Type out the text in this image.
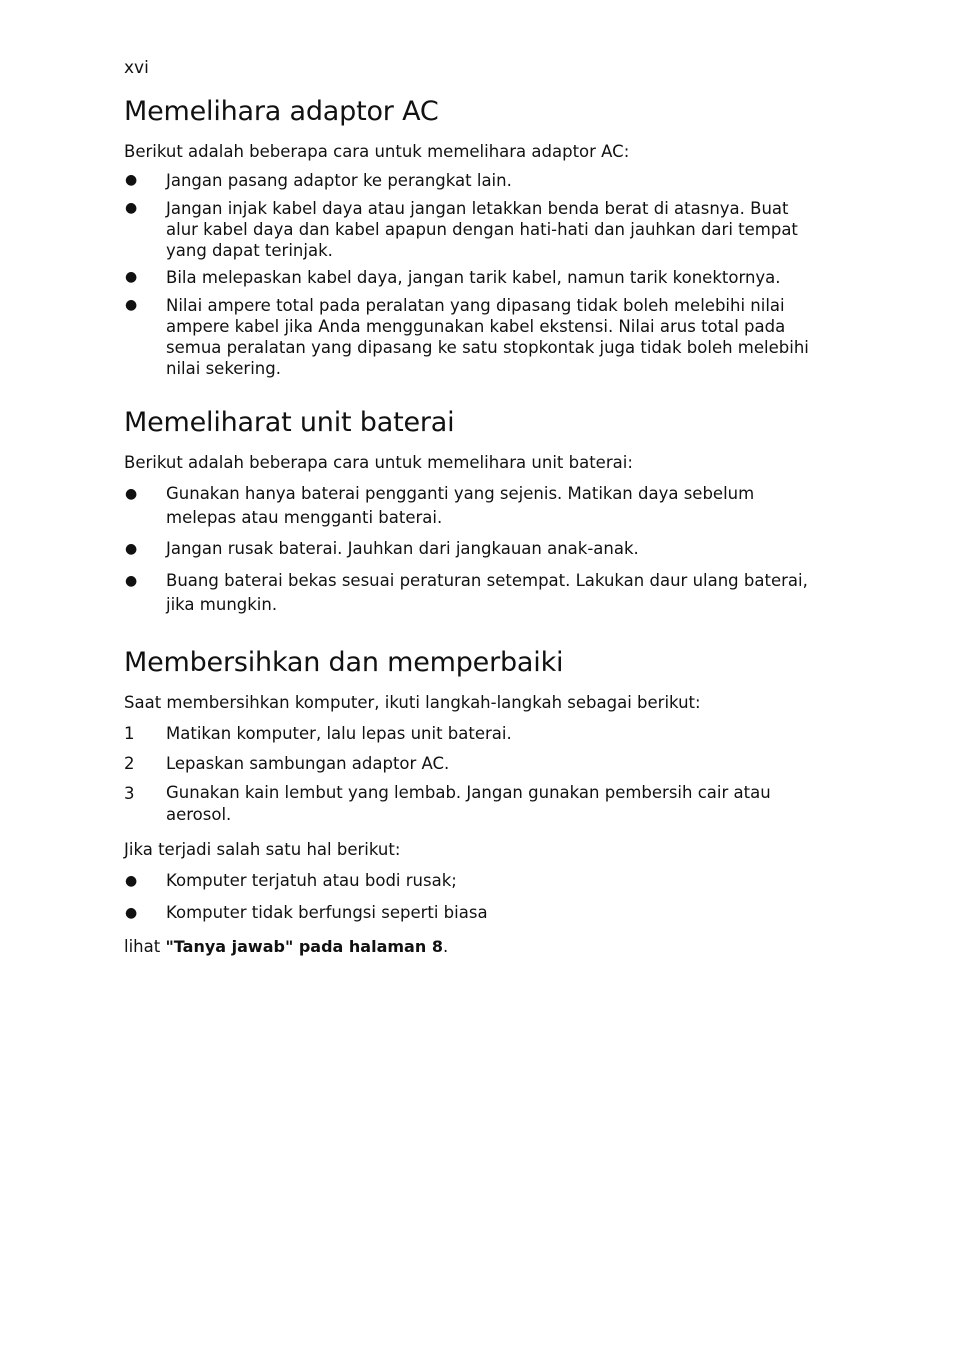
xvi
Memelihara adaptor AC

Berikut adalah beberapa cara untuk memelihara adaptor AC:

● Jangan pasang adaptor ke perangkat lain.
● Jangan injak kabel daya atau jangan letakkan benda berat di atasnya. Buat alur kabel daya dan kabel apapun dengan hati-hati dan jauhkan dari tempat yang dapat terinjak.
● Bila melepaskan kabel daya, jangan tarik kabel, namun tarik konektornya.
● Nilai ampere total pada peralatan yang dipasang tidak boleh melebihi nilai ampere kabel jika Anda menggunakan kabel ekstensi. Nilai arus total pada semua peralatan yang dipasang ke satu stopkontak juga tidak boleh melebihi nilai sekering.
Memeliharat unit baterai

Berikut adalah beberapa cara untuk memelihara unit baterai:

● Gunakan hanya baterai pengganti yang sejenis. Matikan daya sebelum melepas atau mengganti baterai.
● Jangan rusak baterai. Jauhkan dari jangkauan anak-anak.
● Buang baterai bekas sesuai peraturan setempat. Lakukan daur ulang baterai, jika mungkin.
Membersihkan dan memperbaiki

Saat membersihkan komputer, ikuti langkah-langkah sebagai berikut:

1 Matikan komputer, lalu lepas unit baterai.
2 Lepaskan sambungan adaptor AC.
3 Gunakan kain lembut yang lembab. Jangan gunakan pembersih cair atau aerosol.

Jika terjadi salah satu hal berikut:

● Komputer terjatuh atau bodi rusak;
● Komputer tidak berfungsi seperti biasa

lihat "Tanya jawab" pada halaman 8.
